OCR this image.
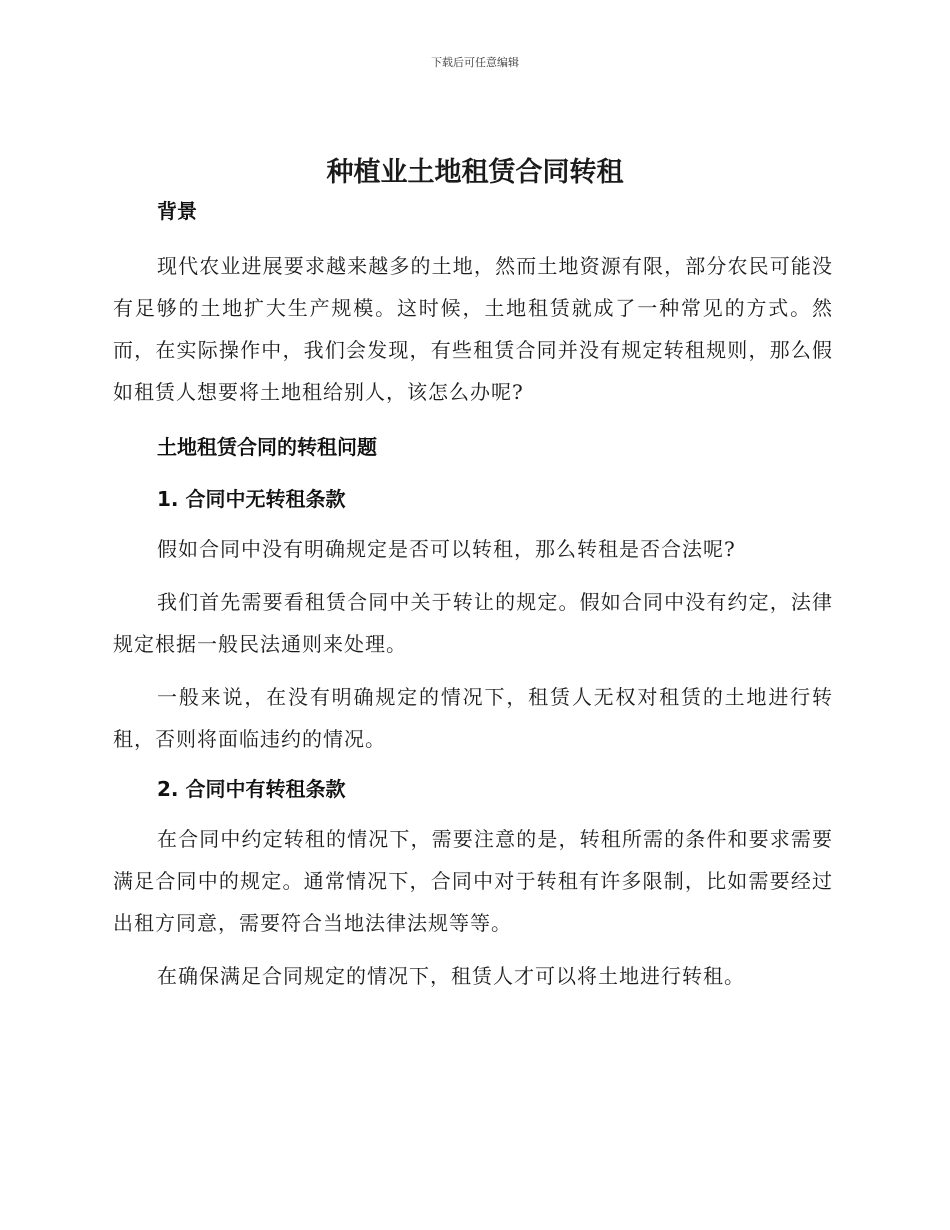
下载后可任意编辑
种植业土地租赁合同转租
背景

现代农业进展要求越来越多的土地，然而土地资源有限，部分农民可能没有足够的土地扩大生产规模。这时候，土地租赁就成了一种常见的方式。然而，在实际操作中，我们会发现，有些租赁合同并没有规定转租规则，那么假如租赁人想要将土地租给别人，该怎么办呢?

土地租赁合同的转租问题
1. 合同中无转租条款

假如合同中没有明确规定是否可以转租，那么转租是否合法呢?

我们首先需要看租赁合同中关于转让的规定。假如合同中没有约定，法律规定根据一般民法通则来处理。

一般来说，在没有明确规定的情况下，租赁人无权对租赁的土地进行转租，否则将面临违约的情况。

2. 合同中有转租条款

在合同中约定转租的情况下，需要注意的是，转租所需的条件和要求需要满足合同中的规定。通常情况下，合同中对于转租有许多限制，比如需要经过出租方同意，需要符合当地法律法规等等。

在确保满足合同规定的情况下，租赁人才可以将土地进行转租。
